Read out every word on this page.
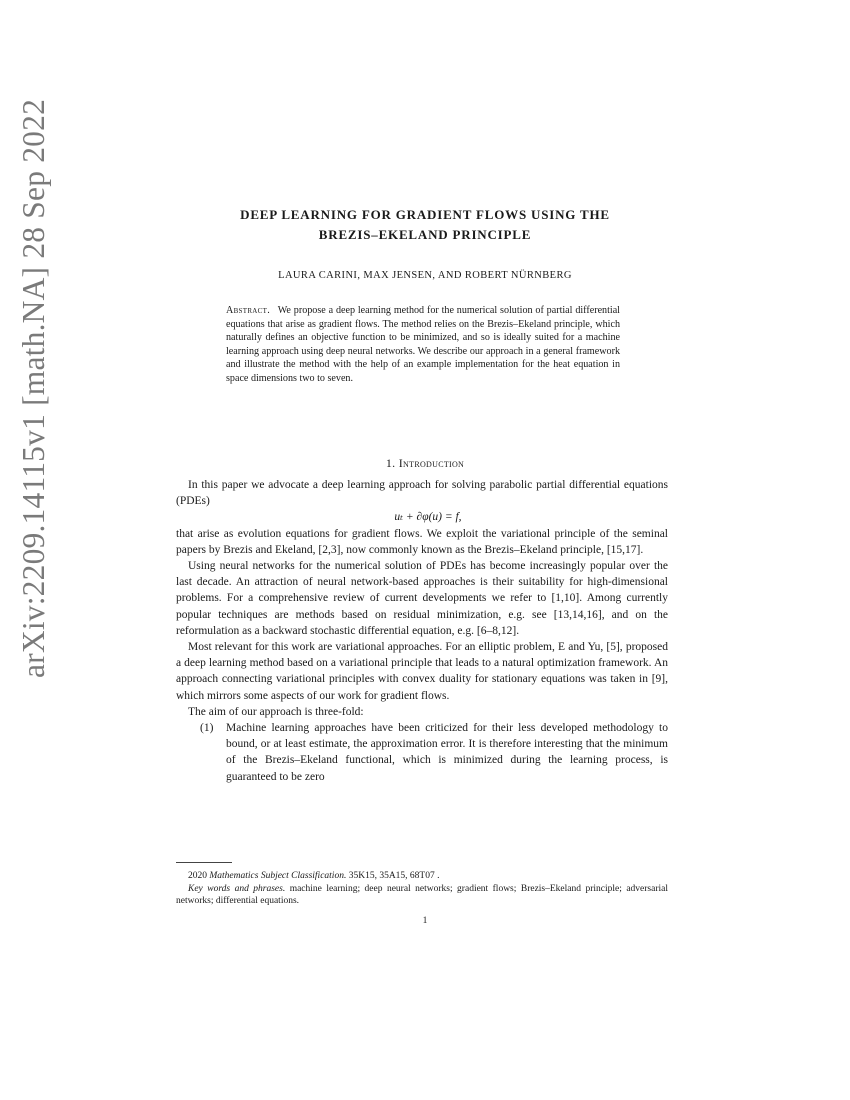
arXiv:2209.14115v1 [math.NA] 28 Sep 2022	DEEP LEARNING FOR GRADIENT FLOWS USING THE
BREZIS–EKELAND PRINCIPLE
LAURA CARINI, MAX JENSEN, AND ROBERT NÜRNBERG
Abstract. We propose a deep learning method for the numerical solution of partial differential equations that arise as gradient flows. The method relies on the Brezis–Ekeland principle, which naturally defines an objective function to be minimized, and so is ideally suited for a machine learning approach using deep neural networks. We describe our approach in a general framework and illustrate the method with the help of an example implementation for the heat equation in space dimensions two to seven.
1. Introduction

In this paper we advocate a deep learning approach for solving parabolic partial differential equations (PDEs)

uₜ + ∂φ(u) = f,

that arise as evolution equations for gradient flows. We exploit the variational principle of the seminal papers by Brezis and Ekeland, [2,3], now commonly known as the Brezis–Ekeland principle, [15,17].

Using neural networks for the numerical solution of PDEs has become increasingly popular over the last decade. An attraction of neural network-based approaches is their suitability for high-dimensional problems. For a comprehensive review of current developments we refer to [1,10]. Among currently popular techniques are methods based on residual minimization, e.g. see [13,14,16], and on the reformulation as a backward stochastic differential equation, e.g. [6–8,12].

Most relevant for this work are variational approaches. For an elliptic problem, E and Yu, [5], proposed a deep learning method based on a variational principle that leads to a natural optimization framework. An approach connecting variational principles with convex duality for stationary equations was taken in [9], which mirrors some aspects of our work for gradient flows.

The aim of our approach is three-fold:

(1) Machine learning approaches have been criticized for their less developed methodology to bound, or at least estimate, the approximation error. It is therefore interesting that the minimum of the Brezis–Ekeland functional, which is minimized during the learning process, is guaranteed to be zero

2020 Mathematics Subject Classification. 35K15, 35A15, 68T07 .

Key words and phrases. machine learning; deep neural networks; gradient flows; Brezis–Ekeland principle; adversarial networks; differential equations.

1
